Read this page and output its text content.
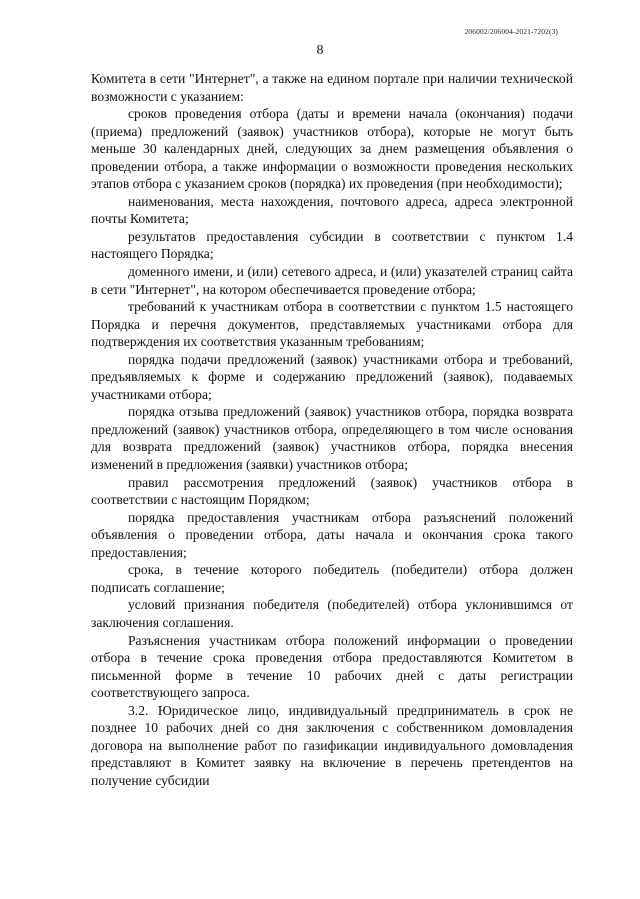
206002/206004-2021-7202(3)
8

Комитета в сети "Интернет", а также на едином портале при наличии технической возможности с указанием:

сроков проведения отбора (даты и времени начала (окончания) подачи (приема) предложений (заявок) участников отбора), которые не могут быть меньше 30 календарных дней, следующих за днем размещения объявления о проведении отбора, а также информации о возможности проведения нескольких этапов отбора с указанием сроков (порядка) их проведения (при необходимости);

наименования, места нахождения, почтового адреса, адреса электронной почты Комитета;

результатов предоставления субсидии в соответствии с пунктом 1.4 настоящего Порядка;

доменного имени, и (или) сетевого адреса, и (или) указателей страниц сайта в сети "Интернет", на котором обеспечивается проведение отбора;

требований к участникам отбора в соответствии с пунктом 1.5 настоящего Порядка и перечня документов, представляемых участниками отбора для подтверждения их соответствия указанным требованиям;

порядка подачи предложений (заявок) участниками отбора и требований, предъявляемых к форме и содержанию предложений (заявок), подаваемых участниками отбора;

порядка отзыва предложений (заявок) участников отбора, порядка возврата предложений (заявок) участников отбора, определяющего в том числе основания для возврата предложений (заявок) участников отбора, порядка внесения изменений в предложения (заявки) участников отбора;

правил рассмотрения предложений (заявок) участников отбора в соответствии с настоящим Порядком;

порядка предоставления участникам отбора разъяснений положений объявления о проведении отбора, даты начала и окончания срока такого предоставления;

срока, в течение которого победитель (победители) отбора должен подписать соглашение;

условий признания победителя (победителей) отбора уклонившимся от заключения соглашения.

Разъяснения участникам отбора положений информации о проведении отбора в течение срока проведения отбора предоставляются Комитетом в письменной форме в течение 10 рабочих дней с даты регистрации соответствующего запроса.

3.2. Юридическое лицо, индивидуальный предприниматель в срок не позднее 10 рабочих дней со дня заключения с собственником домовладения договора на выполнение работ по газификации индивидуального домовладения представляют в Комитет заявку на включение в перечень претендентов на получение субсидии
